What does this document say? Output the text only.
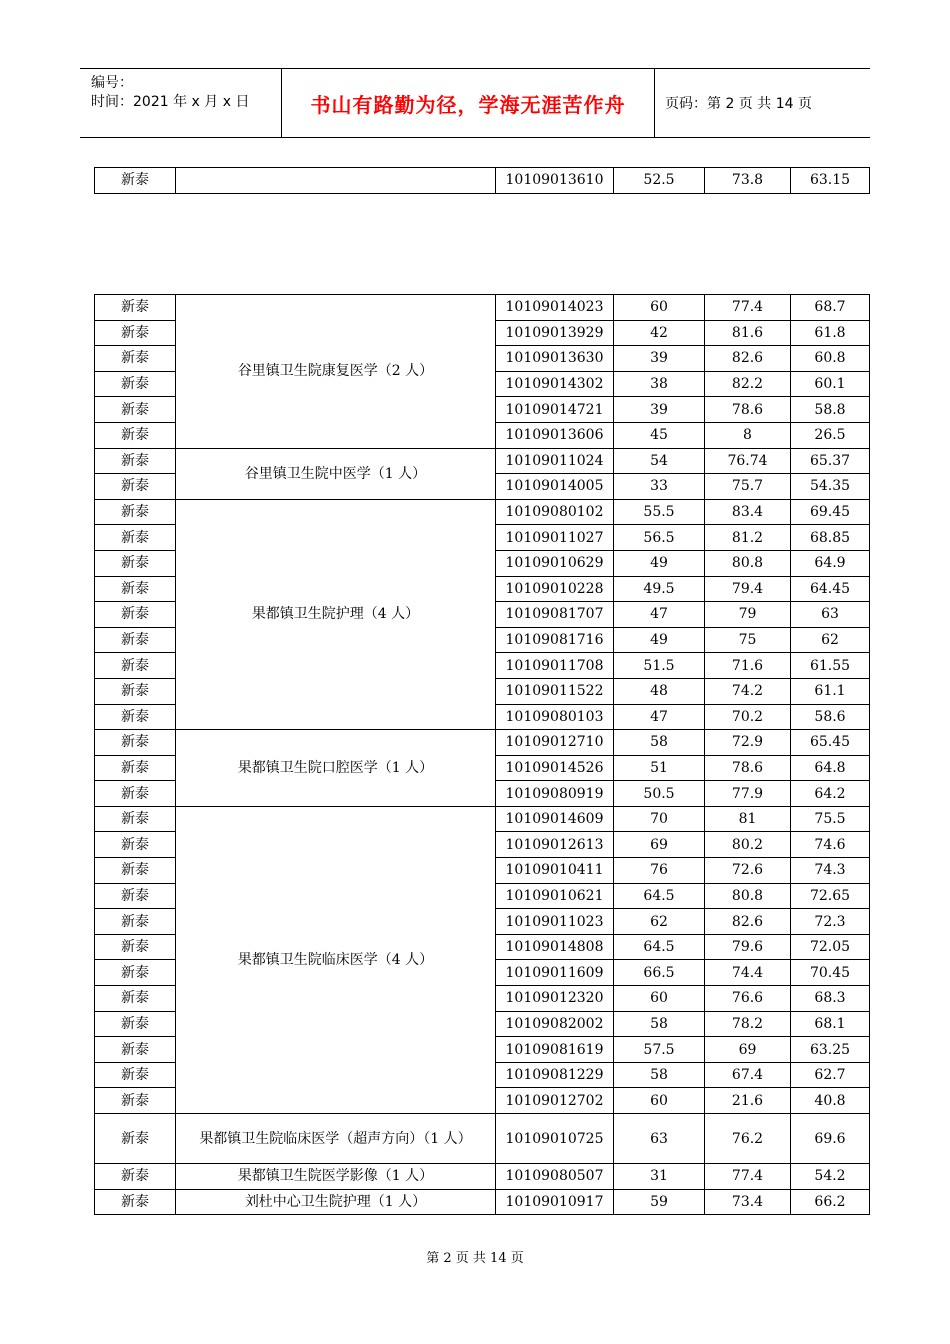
编号：
时间：2021 年 x 月 x 日	书山有路勤为径，学海无涯苦作舟	页码：第 2 页 共 14 页
新泰		10109013610	52.5	73.8	63.15
新泰	谷里镇卫生院康复医学（2 人）	10109014023	60	77.4	68.7
新泰		10109013929	42	81.6	61.8
新泰		10109013630	39	82.6	60.8
新泰		10109014302	38	82.2	60.1
新泰		10109014721	39	78.6	58.8
新泰		10109013606	45	8	26.5
新泰	谷里镇卫生院中医学（1 人）	10109011024	54	76.74	65.37
新泰		10109014005	33	75.7	54.35
新泰	果都镇卫生院护理（4 人）	10109080102	55.5	83.4	69.45
新泰		10109011027	56.5	81.2	68.85
新泰		10109010629	49	80.8	64.9
新泰		10109010228	49.5	79.4	64.45
新泰		10109081707	47	79	63
新泰		10109081716	49	75	62
新泰		10109011708	51.5	71.6	61.55
新泰		10109011522	48	74.2	61.1
新泰		10109080103	47	70.2	58.6
新泰	果都镇卫生院口腔医学（1 人）	10109012710	58	72.9	65.45
新泰		10109014526	51	78.6	64.8
新泰		10109080919	50.5	77.9	64.2
新泰	果都镇卫生院临床医学（4 人）	10109014609	70	81	75.5
新泰		10109012613	69	80.2	74.6
新泰		10109010411	76	72.6	74.3
新泰		10109010621	64.5	80.8	72.65
新泰		10109011023	62	82.6	72.3
新泰		10109014808	64.5	79.6	72.05
新泰		10109011609	66.5	74.4	70.45
新泰		10109012320	60	76.6	68.3
新泰		10109082002	58	78.2	68.1
新泰		10109081619	57.5	69	63.25
新泰		10109081229	58	67.4	62.7
新泰		10109012702	60	21.6	40.8
新泰	果都镇卫生院临床医学（超声方向）（1 人）	10109010725	63	76.2	69.6
新泰	果都镇卫生院医学影像（1 人）	10109080507	31	77.4	54.2
新泰	刘杜中心卫生院护理（1 人）	10109010917	59	73.4	66.2
第 2 页 共 14 页
